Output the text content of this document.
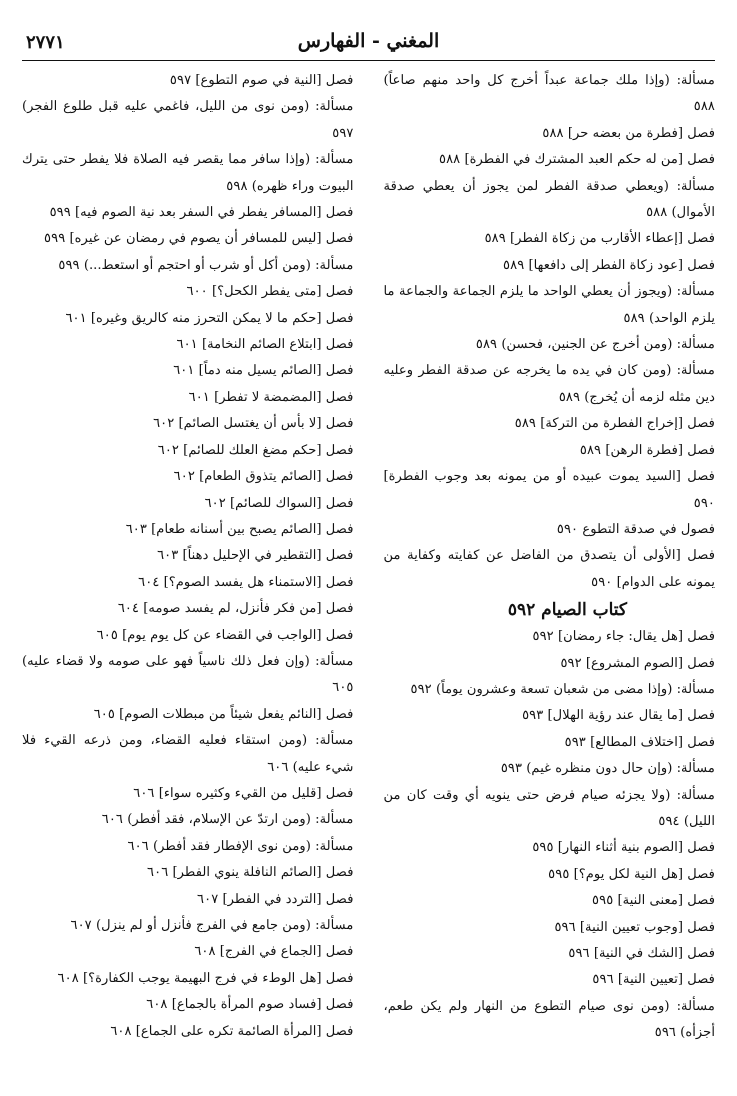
المغني - الفهارس
٢٧٧١
مسألة: (وإذا ملك جماعة عبداً أخرج كل واحد منهم صاعاً) ٥٨٨
فصل [فطرة من بعضه حر] ٥٨٨
فصل [من له حكم العبد المشترك في الفطرة] ٥٨٨
مسألة: (ويعطي صدقة الفطر لمن يجوز أن يعطي صدقة الأموال) ٥٨٨
فصل [إعطاء الأقارب من زكاة الفطر] ٥٨٩
فصل [عود زكاة الفطر إلى دافعها] ٥٨٩
مسألة: (ويجوز أن يعطي الواحد ما يلزم الجماعة والجماعة ما يلزم الواحد) ٥٨٩
مسألة: (ومن أخرج عن الجنين، فحسن) ٥٨٩
مسألة: (ومن كان في يده ما يخرجه عن صدقة الفطر وعليه دين مثله لزمه أن يُخرج) ٥٨٩
فصل [إخراج الفطرة من التركة] ٥٨٩
فصل [فطرة الرهن] ٥٨٩
فصل [السيد يموت عبيده أو من يمونه بعد وجوب الفطرة] ٥٩٠
فصول في صدقة التطوع ٥٩٠
فصل [الأولى أن يتصدق من الفاضل عن كفايته وكفاية من يمونه على الدوام] ٥٩٠
كتاب الصيام ٥٩٢
فصل [هل يقال: جاء رمضان] ٥٩٢
فصل [الصوم المشروع] ٥٩٢
مسألة: (وإذا مضى من شعبان تسعة وعشرون يوماً) ٥٩٢
فصل [ما يقال عند رؤية الهلال] ٥٩٣
فصل [اختلاف المطالع] ٥٩٣
مسألة: (وإن حال دون منظره غيم) ٥٩٣
مسألة: (ولا يجزئه صيام فرض حتى ينويه أي وقت كان من الليل) ٥٩٤
فصل [الصوم بنية أثناء النهار] ٥٩٥
فصل [هل النية لكل يوم؟] ٥٩٥
فصل [معنى النية] ٥٩٥
فصل [وجوب تعيين النية] ٥٩٦
فصل [الشك في النية] ٥٩٦
فصل [تعيين النية] ٥٩٦
مسألة: (ومن نوى صيام التطوع من النهار ولم يكن طعم، أجزأه) ٥٩٦
فصل [النية في صوم التطوع] ٥٩٧
مسألة: (ومن نوى من الليل، فاغمي عليه قبل طلوع الفجر) ٥٩٧
مسألة: (وإذا سافر مما يقصر فيه الصلاة فلا يفطر حتى يترك البيوت وراء ظهره) ٥٩٨
فصل [المسافر يفطر في السفر بعد نية الصوم فيه] ٥٩٩
فصل [ليس للمسافر أن يصوم في رمضان عن غيره] ٥٩٩
مسألة: (ومن أكل أو شرب أو احتجم أو استعط...) ٥٩٩
فصل [متى يفطر الكحل؟] ٦٠٠
فصل [حكم ما لا يمكن التحرز منه كالريق وغيره] ٦٠١
فصل [ابتلاع الصائم النخامة] ٦٠١
فصل [الصائم يسيل منه دماً] ٦٠١
فصل [المضمضة لا تفطر] ٦٠١
فصل [لا بأس أن يغتسل الصائم] ٦٠٢
فصل [حكم مضغ العلك للصائم] ٦٠٢
فصل [الصائم يتذوق الطعام] ٦٠٢
فصل [السواك للصائم] ٦٠٢
فصل [الصائم يصبح بين أسنانه طعام] ٦٠٣
فصل [التقطير في الإحليل دهناً] ٦٠٣
فصل [الاستمناء هل يفسد الصوم؟] ٦٠٤
فصل [من فكر فأنزل، لم يفسد صومه] ٦٠٤
فصل [الواجب في القضاء عن كل يوم يوم] ٦٠٥
مسألة: (وإن فعل ذلك ناسياً فهو على صومه ولا قضاء عليه) ٦٠٥
فصل [النائم يفعل شيئاً من مبطلات الصوم] ٦٠٥
مسألة: (ومن استقاء فعليه القضاء، ومن ذرعه القيء فلا شيء عليه) ٦٠٦
فصل [قليل من القيء وكثيره سواء] ٦٠٦
مسألة: (ومن ارتدّ عن الإسلام، فقد أفطر) ٦٠٦
مسألة: (ومن نوى الإفطار فقد أفطر) ٦٠٦
فصل [الصائم النافلة ينوي الفطر] ٦٠٦
فصل [التردد في الفطر] ٦٠٧
مسألة: (ومن جامع في الفرج فأنزل أو لم ينزل) ٦٠٧
فصل [الجماع في الفرج] ٦٠٨
فصل [هل الوطء في فرج البهيمة يوجب الكفارة؟] ٦٠٨
فصل [فساد صوم المرأة بالجماع] ٦٠٨
فصل [المرأة الصائمة تكره على الجماع] ٦٠٨
